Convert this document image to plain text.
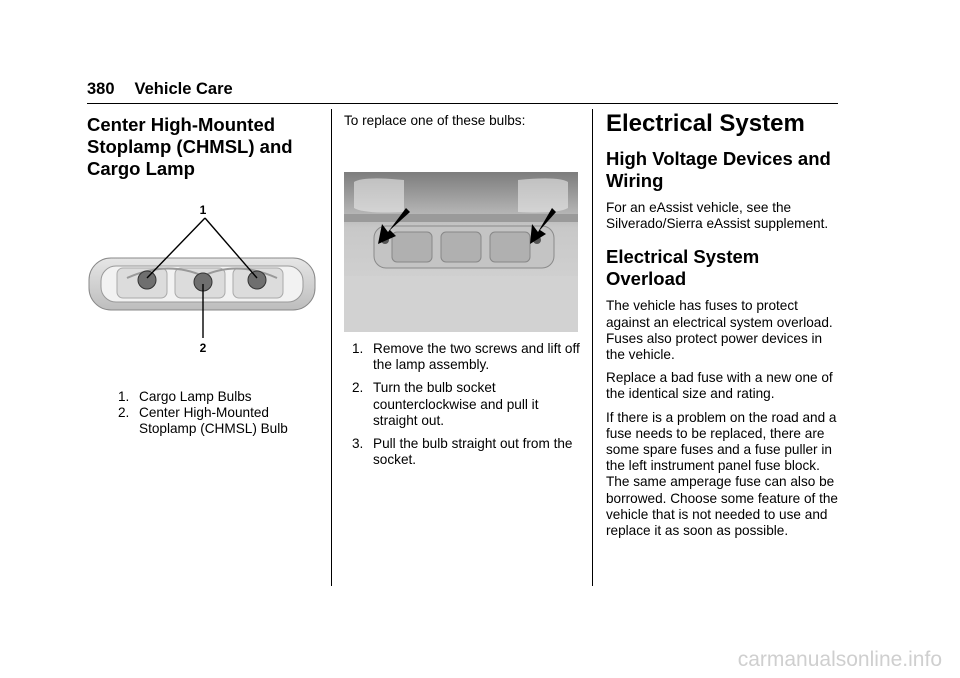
380 Vehicle Care
Center High-Mounted
Stoplamp (CHMSL) and
Cargo Lamp
1
2
1. Cargo Lamp Bulbs
2. Center High-Mounted Stoplamp (CHMSL) Bulb

To replace one of these bulbs:

1. Remove the two screws and lift off the lamp assembly.
2. Turn the bulb socket counterclockwise and pull it straight out.
3. Pull the bulb straight out from the socket.
Electrical System
High Voltage Devices and
Wiring

For an eAssist vehicle, see the Silverado/Sierra eAssist supplement.

Electrical System
Overload

The vehicle has fuses to protect against an electrical system overload. Fuses also protect power devices in the vehicle.

Replace a bad fuse with a new one of the identical size and rating.

If there is a problem on the road and a fuse needs to be replaced, there are some spare fuses and a fuse puller in the left instrument panel fuse block. The same amperage fuse can also be borrowed. Choose some feature of the vehicle that is not needed to use and replace it as soon as possible.

carmanualsonline.info
